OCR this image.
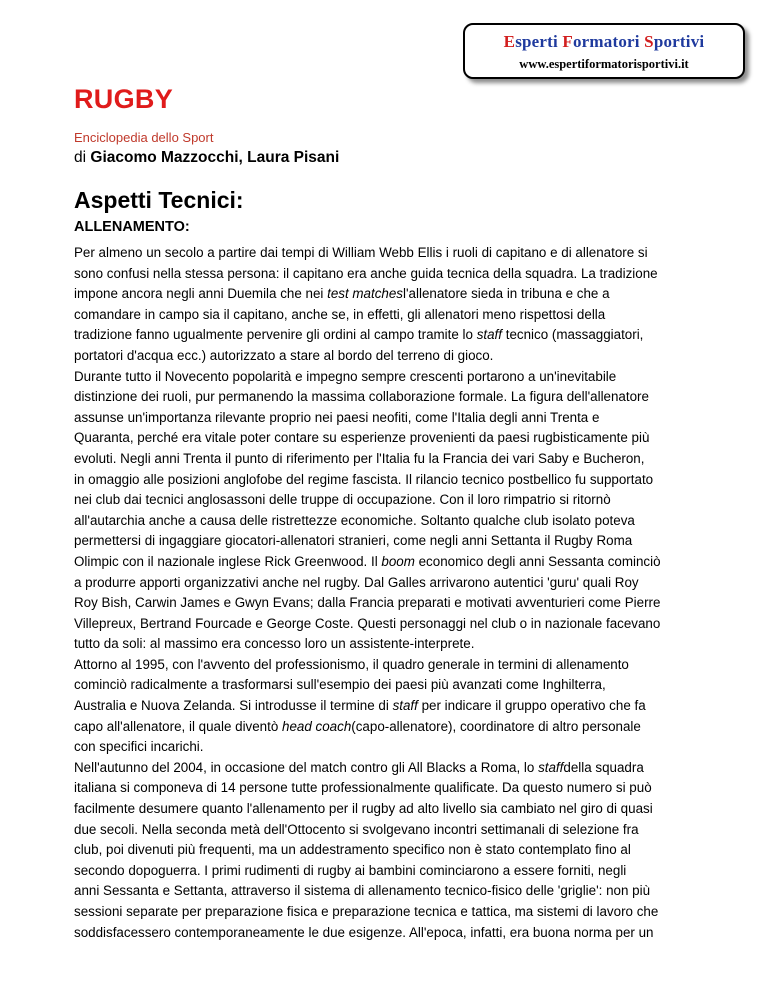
Esperti Formatori Sportivi
www.espertiformatorisportivi.it
RUGBY

Enciclopedia dello Sport

di Giacomo Mazzocchi, Laura Pisani

Aspetti Tecnici:
ALLENAMENTO:
Per almeno un secolo a partire dai tempi di William Webb Ellis i ruoli di capitano e di allenatore si
sono confusi nella stessa persona: il capitano era anche guida tecnica della squadra. La tradizione
impone ancora negli anni Duemila che nei test matchesl'allenatore sieda in tribuna e che a
comandare in campo sia il capitano, anche se, in effetti, gli allenatori meno rispettosi della
tradizione fanno ugualmente pervenire gli ordini al campo tramite lo staff tecnico (massaggiatori,
portatori d'acqua ecc.) autorizzato a stare al bordo del terreno di gioco.
Durante tutto il Novecento popolarità e impegno sempre crescenti portarono a un'inevitabile
distinzione dei ruoli, pur permanendo la massima collaborazione formale. La figura dell'allenatore
assunse un'importanza rilevante proprio nei paesi neofiti, come l'Italia degli anni Trenta e
Quaranta, perché era vitale poter contare su esperienze provenienti da paesi rugbisticamente più
evoluti. Negli anni Trenta il punto di riferimento per l'Italia fu la Francia dei vari Saby e Bucheron,
in omaggio alle posizioni anglofobe del regime fascista. Il rilancio tecnico postbellico fu supportato
nei club dai tecnici anglosassoni delle truppe di occupazione. Con il loro rimpatrio si ritornò
all'autarchia anche a causa delle ristrettezze economiche. Soltanto qualche club isolato poteva
permettersi di ingaggiare giocatori-allenatori stranieri, come negli anni Settanta il Rugby Roma
Olimpic con il nazionale inglese Rick Greenwood. Il boom economico degli anni Sessanta cominciò
a produrre apporti organizzativi anche nel rugby. Dal Galles arrivarono autentici 'guru' quali Roy
Roy Bish, Carwin James e Gwyn Evans; dalla Francia preparati e motivati avventurieri come Pierre
Villepreux, Bertrand Fourcade e George Coste. Questi personaggi nel club o in nazionale facevano
tutto da soli: al massimo era concesso loro un assistente-interprete.
Attorno al 1995, con l'avvento del professionismo, il quadro generale in termini di allenamento
cominciò radicalmente a trasformarsi sull'esempio dei paesi più avanzati come Inghilterra,
Australia e Nuova Zelanda. Si introdusse il termine di staff per indicare il gruppo operativo che fa
capo all'allenatore, il quale diventò head coach(capo-allenatore), coordinatore di altro personale
con specifici incarichi.
Nell'autunno del 2004, in occasione del match contro gli All Blacks a Roma, lo staffdella squadra
italiana si componeva di 14 persone tutte professionalmente qualificate. Da questo numero si può
facilmente desumere quanto l'allenamento per il rugby ad alto livello sia cambiato nel giro di quasi
due secoli. Nella seconda metà dell'Ottocento si svolgevano incontri settimanali di selezione fra
club, poi divenuti più frequenti, ma un addestramento specifico non è stato contemplato fino al
secondo dopoguerra. I primi rudimenti di rugby ai bambini cominciarono a essere forniti, negli
anni Sessanta e Settanta, attraverso il sistema di allenamento tecnico-fisico delle 'griglie': non più
sessioni separate per preparazione fisica e preparazione tecnica e tattica, ma sistemi di lavoro che
soddisfacessero contemporaneamente le due esigenze. All'epoca, infatti, era buona norma per un
